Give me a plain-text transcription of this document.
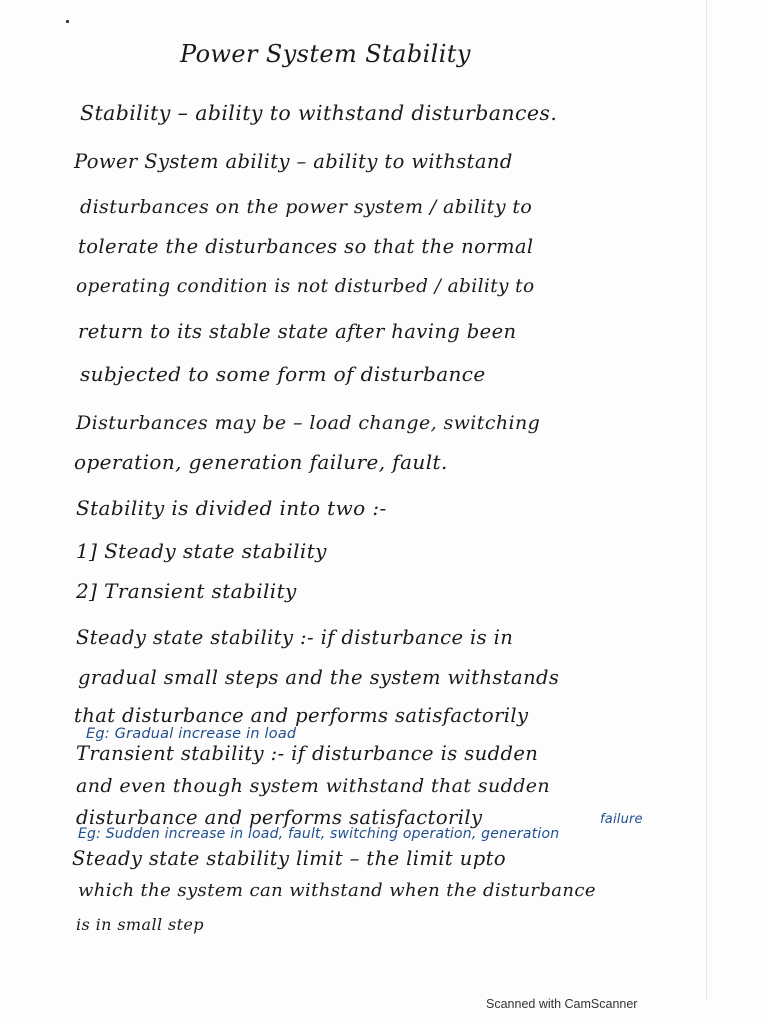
Power System Stability
Stability – ability to withstand disturbances.
Power System ability – ability to withstand
disturbances on the power system / ability to
tolerate the disturbances so that the normal
operating condition is not disturbed / ability to
return to its stable state after having been
subjected to some form of disturbance
Disturbances may be – load change, switching
operation, generation failure, fault.
Stability is divided into two :-
1] Steady state stability
2] Transient stability
Steady state stability :- if disturbance is in
gradual small steps and the system withstands
that disturbance and performs satisfactorily
Eg: Gradual increase in load
Transient stability :- if disturbance is sudden
and even though system withstand that sudden
disturbance and performs satisfactorily	failure
Eg: Sudden increase in load, fault, switching operation, generation
Steady state stability limit – the limit upto
which the system can withstand when the disturbance
is in small step
Scanned with CamScanner
